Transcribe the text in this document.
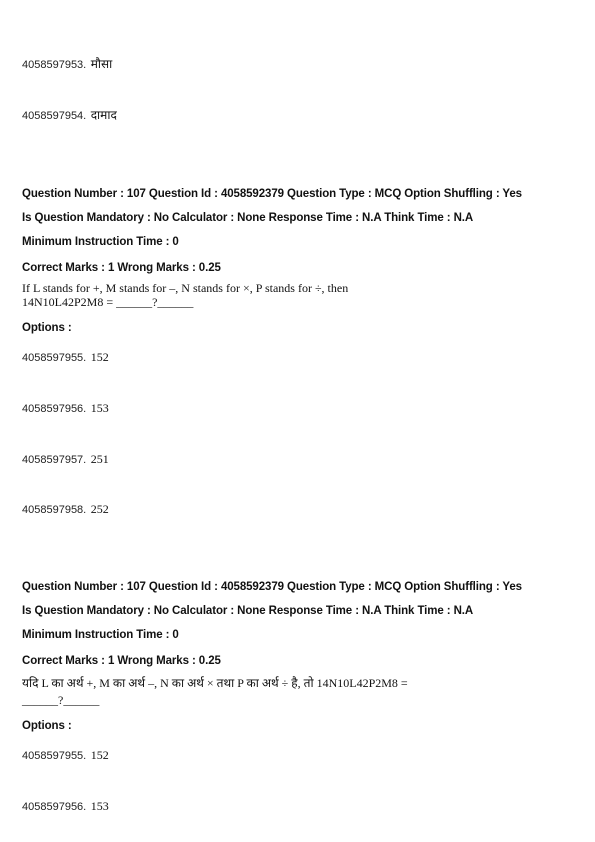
4058597953. मौसा
4058597954. दामाद
Question Number : 107 Question Id : 4058592379 Question Type : MCQ Option Shuffling : Yes
Is Question Mandatory : No Calculator : None Response Time : N.A Think Time : N.A
Minimum Instruction Time : 0
Correct Marks : 1 Wrong Marks : 0.25
If L stands for +, M stands for –, N stands for ×, P stands for ÷, then
14N10L42P2M8 = ______?______
Options :
4058597955. 152
4058597956. 153
4058597957. 251
4058597958. 252
Question Number : 107 Question Id : 4058592379 Question Type : MCQ Option Shuffling : Yes
Is Question Mandatory : No Calculator : None Response Time : N.A Think Time : N.A
Minimum Instruction Time : 0
Correct Marks : 1 Wrong Marks : 0.25
यदि L का अर्थ +, M का अर्थ –, N का अर्थ × तथा P का अर्थ ÷ है, तो 14N10L42P2M8 =
______?______
Options :
4058597955. 152
4058597956. 153
